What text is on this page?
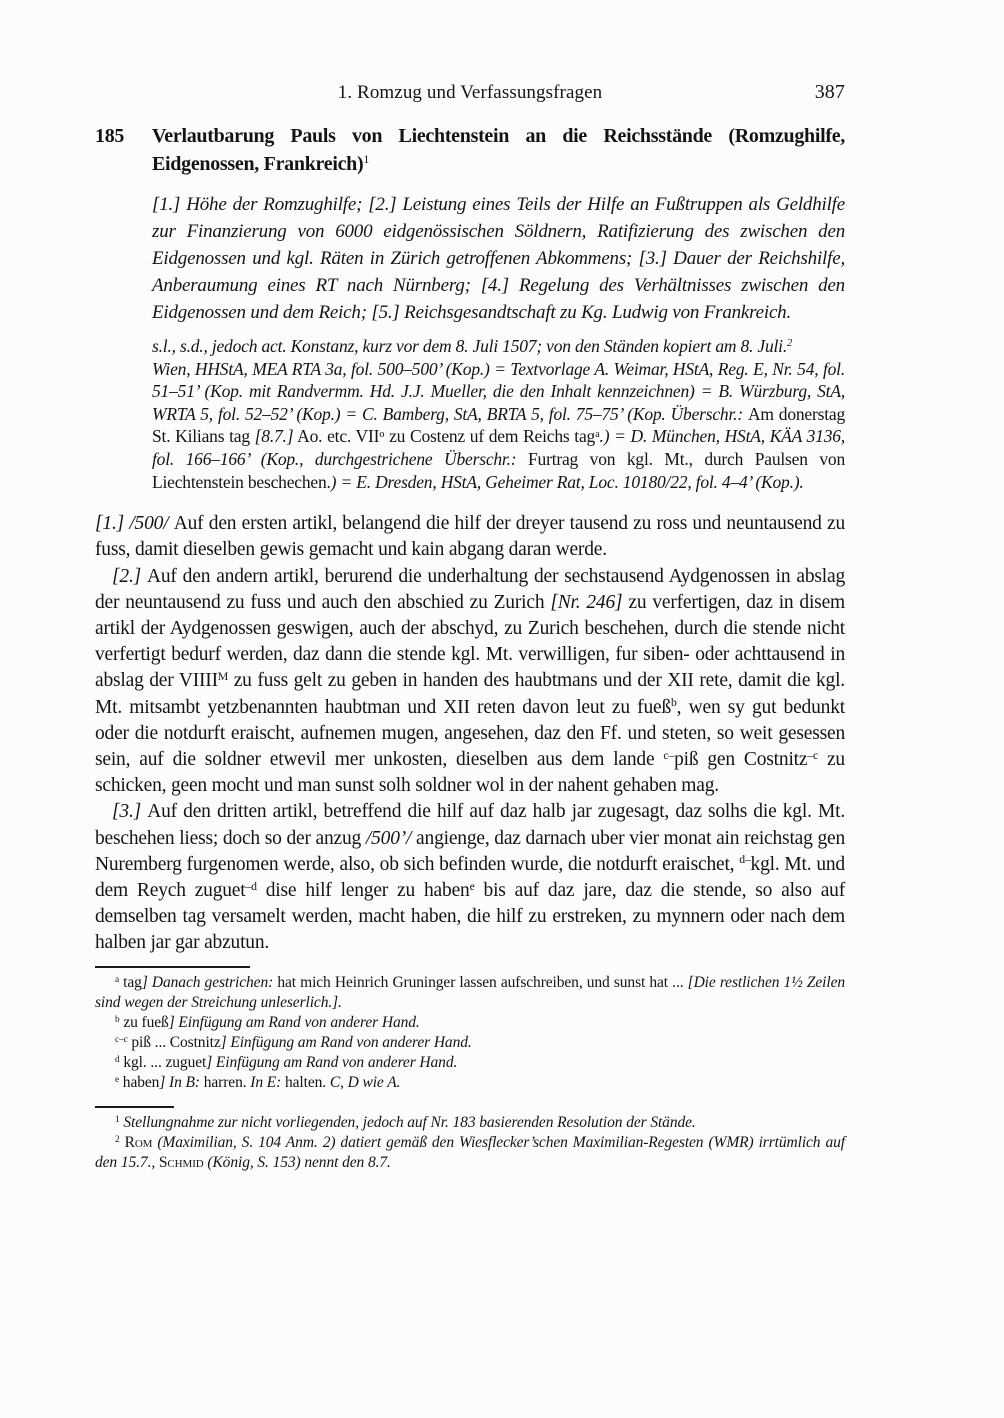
1. Romzug und Verfassungsfragen	387
185 Verlautbarung Pauls von Liechtenstein an die Reichsstände (Romzughilfe, Eidgenossen, Frankreich)$^1$

[1.] Höhe der Romzughilfe; [2.] Leistung eines Teils der Hilfe an Fußtruppen als Geldhilfe zur Finanzierung von 6000 eidgenössischen Söldnern, Ratifizierung des zwischen den Eidgenossen und kgl. Räten in Zürich getroffenen Abkommens; [3.] Dauer der Reichshilfe, Anberaumung eines RT nach Nürnberg; [4.] Regelung des Verhältnisses zwischen den Eidgenossen und dem Reich; [5.] Reichsgesandtschaft zu Kg. Ludwig von Frankreich.

s.l., s.d., jedoch act. Konstanz, kurz vor dem 8. Juli 1507; von den Ständen kopiert am 8. Juli.$^2$

Wien, HHStA, MEA RTA 3a, fol. 500–500’ (Kop.) = Textvorlage A. Weimar, HStA, Reg. E, Nr. 54, fol. 51–51’ (Kop. mit Randvermm. Hd. J.J. Mueller, die den Inhalt kennzeichnen) = B. Würzburg, StA, WRTA 5, fol. 52–52’ (Kop.) = C. Bamberg, StA, BRTA 5, fol. 75–75’ (Kop. Überschr.: Am donerstag St. Kilians tag [8.7.] Ao. etc. VII$^o$ zu Costenz uf dem Reichs tag$^a$.) = D. München, HStA, KÄA 3136, fol. 166–166’ (Kop., durchgestrichene Überschr.: Furtrag von kgl. Mt., durch Paulsen von Liechtenstein beschechen.) = E. Dresden, HStA, Geheimer Rat, Loc. 10180/22, fol. 4–4’ (Kop.).

[1.] /500/ Auf den ersten artikl, belangend die hilf der dreyer tausend zu ross und neuntausend zu fuss, damit dieselben gewis gemacht und kain abgang daran werde.

[2.] Auf den andern artikl, berurend die underhaltung der sechstausend Aydgenossen in abslag der neuntausend zu fuss und auch den abschied zu Zurich [Nr. 246] zu verfertigen, daz in disem artikl der Aydgenossen geswigen, auch der abschyd, zu Zurich beschehen, durch die stende nicht verfertigt bedurf werden, daz dann die stende kgl. Mt. verwilligen, fur siben- oder achttausend in abslag der $VIIII^M$ zu fuss gelt zu geben in handen des haubtmans und der XII rete, damit die kgl. Mt. mitsambt yetzbenannten haubtman und XII reten davon leut zu fueß$^b$, wen sy gut bedunkt oder die notdurft eraischt, aufnemen mugen, angesehen, daz den Ff. und steten, so weit gesessen sein, auf die soldner etwevil mer unkosten, dieselben aus dem lande $^{c-}$piß gen Costnitz$^{-c}$ zu schicken, geen mocht und man sunst solh soldner wol in der nahent gehaben mag.

[3.] Auf den dritten artikl, betreffend die hilf auf daz halb jar zugesagt, daz solhs die kgl. Mt. beschehen liess; doch so der anzug /500’/ angienge, daz darnach uber vier monat ain reichstag gen Nuremberg furgenomen werde, also, ob sich befinden wurde, die notdurft eraischet, $^{d-}$kgl. Mt. und dem Reych zuguet$^{-d}$ dise hilf lenger zu haben$^e$ bis auf daz jare, daz die stende, so also auf demselben tag versamelt werden, macht haben, die hilf zu erstreken, zu mynnern oder nach dem halben jar gar abzutun.

$^a$ tag] Danach gestrichen: hat mich Heinrich Gruninger lassen aufschreiben, und sunst hat ... [Die restlichen 1½ Zeilen sind wegen der Streichung unleserlich.].

$^b$ zu fueß] Einfügung am Rand von anderer Hand.

$^{c-c}$ piß ... Costnitz] Einfügung am Rand von anderer Hand.

$^d$ kgl. ... zuguet] Einfügung am Rand von anderer Hand.

$^e$ haben] In B: harren. In E: halten. C, D wie A.

$^1$ Stellungnahme zur nicht vorliegenden, jedoch auf Nr. 183 basierenden Resolution der Stände.

$^2$ Rom (Maximilian, S. 104 Anm. 2) datiert gemäß den Wiesflecker’schen Maximilian-Regesten (WMR) irrtümlich auf den 15.7., Schmid (König, S. 153) nennt den 8.7.
